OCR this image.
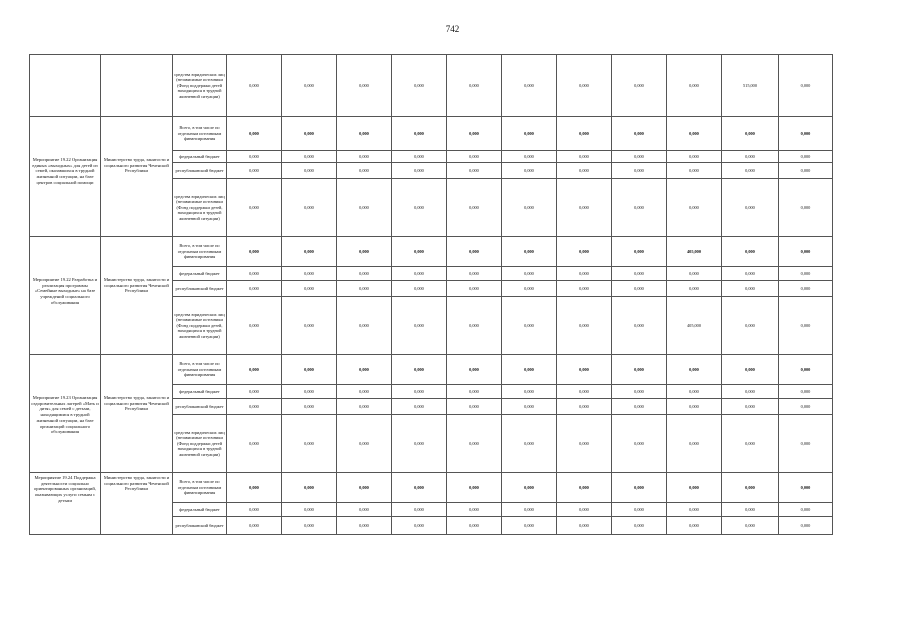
742
		средства юридических лиц (независимые источники (Фонд поддержки детей находящихся в трудной жизненной ситуации)	0,000	0,000	0,000	0,000	0,000	0,000	0,000	0,000	0,000	515,000	0,000
Мероприятие 19.22 Организация единых «выходных» для детей из семей, оказавшихся в трудной жизненной ситуации, на базе центров социальной помощи	Министерство труда, занятости и социального развития Чеченской Республики	Всего, в том числе по отдельным источникам финансирования	0,000	0,000	0,000	0,000	0,000	0,000	0,000	0,000	0,000	0,000	0,000
		федеральный бюджет	0,000	0,000	0,000	0,000	0,000	0,000	0,000	0,000	0,000	0,000	0,000
		республиканский бюджет	0,000	0,000	0,000	0,000	0,000	0,000	0,000	0,000	0,000	0,000	0,000
		средства юридических лиц (независимые источники (Фонд поддержки детей, находящихся в трудной жизненной ситуации)	0,000	0,000	0,000	0,000	0,000	0,000	0,000	0,000	0,000	0,000	0,000
Мероприятие 19.22 Разработка и реализация программы «Семейные выходные» на базе учреждений социального обслуживания	Министерство труда, занятости и социального развития Чеченской Республики	Всего, в том числе по отдельным источникам финансирования	0,000	0,000	0,000	0,000	0,000	0,000	0,000	0,000	405,000	0,000	0,000
		федеральный бюджет	0,000	0,000	0,000	0,000	0,000	0,000	0,000	0,000	0,000	0,000	0,000
		республиканский бюджет	0,000	0,000	0,000	0,000	0,000	0,000	0,000	0,000	0,000	0,000	0,000
		средства юридических лиц (независимые источники (Фонд поддержки детей, находящихся в трудной жизненной ситуации)	0,000	0,000	0,000	0,000	0,000	0,000	0,000	0,000	405,000	0,000	0,000
Мероприятие 19.23 Организация оздоровительных лагерей «Мать и дитя» для семей с детьми, находящимися в трудной жизненной ситуации, на базе организаций социального обслуживания	Министерство труда, занятости и социального развития Чеченской Республики	Всего, в том числе по отдельным источникам финансирования	0,000	0,000	0,000	0,000	0,000	0,000	0,000	0,000	0,000	0,000	0,000
		федеральный бюджет	0,000	0,000	0,000	0,000	0,000	0,000	0,000	0,000	0,000	0,000	0,000
		республиканский бюджет	0,000	0,000	0,000	0,000	0,000	0,000	0,000	0,000	0,000	0,000	0,000
		средства юридических лиц (независимые источники (Фонд поддержки детей находящихся в трудной жизненной ситуации)	0,000	0,000	0,000	0,000	0,000	0,000	0,000	0,000	0,000	0,000	0,000
Мероприятие 19.24 Поддержка деятельности социально ориентированных организаций, оказывающих услуги семьям с детьми	Министерство труда, занятости и социального развития Чеченской Республики	Всего, в том числе по отдельным источникам финансирования	0,000	0,000	0,000	0,000	0,000	0,000	0,000	0,000	0,000	0,000	0,000
		федеральный бюджет	0,000	0,000	0,000	0,000	0,000	0,000	0,000	0,000	0,000	0,000	0,000
		республиканский бюджет	0,000	0,000	0,000	0,000	0,000	0,000	0,000	0,000	0,000	0,000	0,000
